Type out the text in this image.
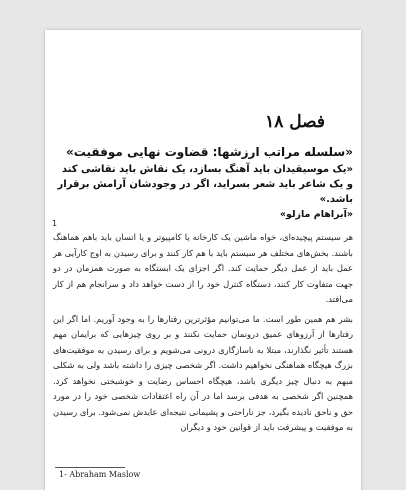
فصل ۱۸
«سلسله مراتب ارزشها: قضاوت نهایی موفقیت»
«یک موسیقیدان باید آهنگ بسازد، یک نقاش باید نقاشی کند و یک شاعر باید شعر بسراید، اگر در وجودشان آرامش برقرار باشد.»
«آبراهام مازلو»
1

هر سیستم پیچیده‌ای، خواه ماشین یک کارخانه یا کامپیوتر و یا انسان باید باهم هماهنگ باشند. بخش‌های مختلف هر سیستم باید با هم کار کنند و برای رسیدن به اوج کارآیی هر عمل باید از عمل دیگر حمایت کند. اگر اجزای یک ابستگاه به صورت همزمان در دو جهت متفاوت کار کنند، دستگاه کنترل خود را از دست خواهد داد و سرانجام هم از کار می‌افتد.

بشر هم همین طور است. ما می‌توانیم مؤثرترین رفتارها را به وجود آوریم. اما اگر این رفتارها از آرزوهای عمیق درونمان حمایت نکنند و بر روی چیزهایی که برایمان مهم هستند تأثیر نگذارند، مبتلا به ناسازگاری درونی می‌شویم و برای رسیدن به موفقیت‌های بزرگ هیچگاه هماهنگی نخواهیم داشت. اگر شخصی چیزی را داشته باشد ولی به شکلی مبهم به دنبال چیز دیگری باشد، هیچگاه احساس رضایت و خوشبختی نخواهد کرد. همچنین اگر شخصی به هدفی برسد اما در آن راه اعتقادات شخصی خود را در مورد حق و ناحق نادیده بگیرد، جز ناراحتی و پشیمانی نتیجه‌ای عایدش نمی‌شود. برای رسیدن به موفقیت و پیشرفت باید از قوانین خود و دیگران

1- Abraham Maslow
